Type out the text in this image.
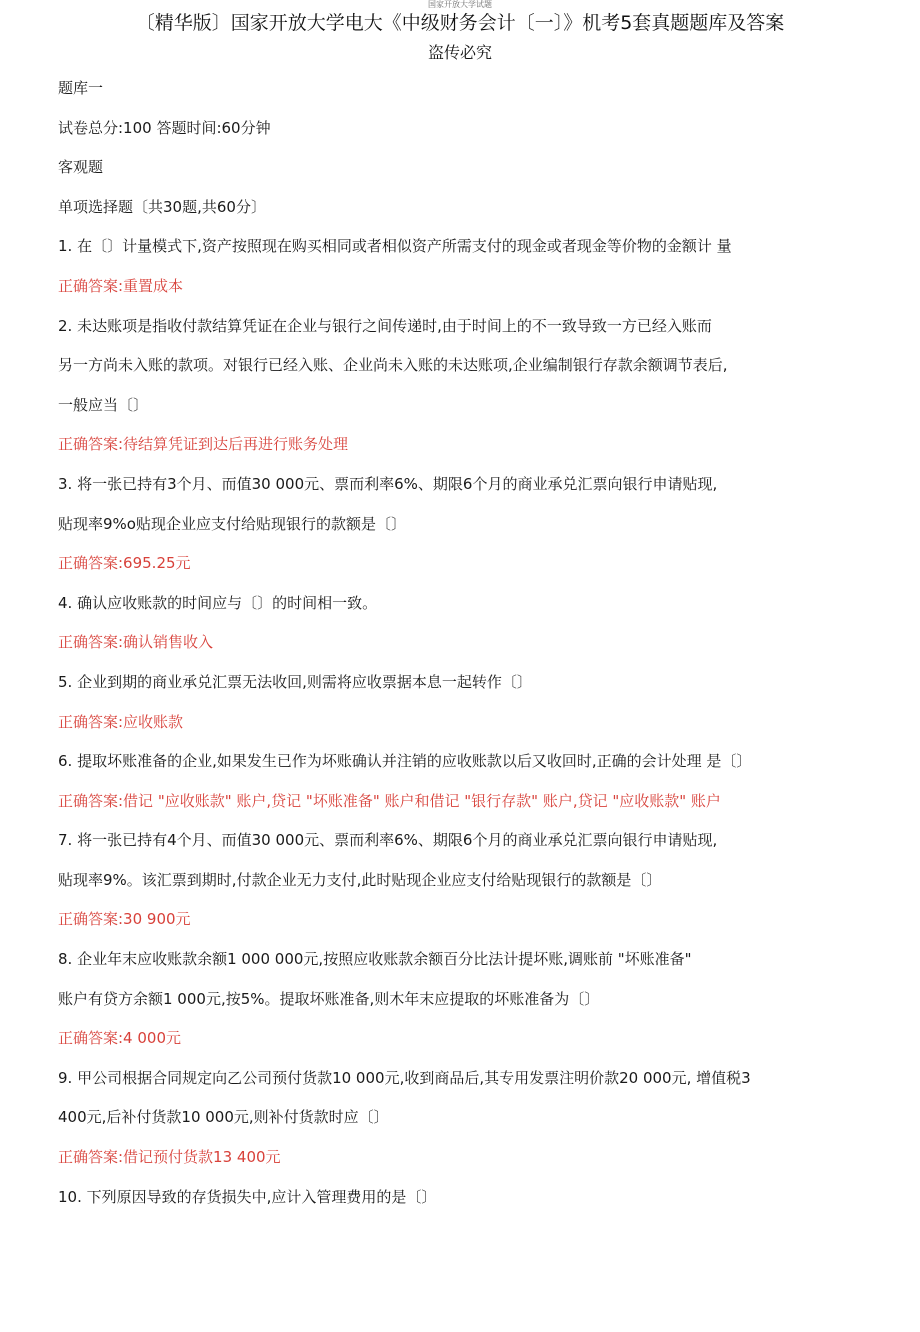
国家开放大学试题
〔精华版〕国家开放大学电大《中级财务会计〔一〕》机考5套真题题库及答案
盗传必究
题库一
试卷总分:100 答题时间:60分钟
客观题
单项选择题〔共30题,共60分〕
1. 在〔〕计量模式下,资产按照现在购买相同或者相似资产所需支付的现金或者现金等价物的金额计 量
正确答案:重置成本
2. 未达账项是指收付款结算凭证在企业与银行之间传递时,由于时间上的不一致导致一方已经入账而
另一方尚未入账的款项。对银行已经入账、企业尚未入账的未达账项,企业编制银行存款余额调节表后,
一般应当〔〕
正确答案:待结算凭证到达后再进行账务处理
3. 将一张已持有3个月、而值30 000元、票而利率6%、期限6个月的商业承兑汇票向银行申请贴现,
贴现率9%o贴现企业应支付给贴现银行的款额是〔〕
正确答案:695.25元
4. 确认应收账款的时间应与〔〕的时间相一致。
正确答案:确认销售收入
5. 企业到期的商业承兑汇票无法收回,则需将应收票据本息一起转作〔〕
正确答案:应收账款
6. 提取坏账准备的企业,如果发生已作为坏账确认并注销的应收账款以后又收回时,正确的会计处理 是〔〕
正确答案:借记 "应收账款" 账户,贷记 "坏账准备" 账户和借记 "银行存款" 账户,贷记 "应收账款" 账户
7. 将一张已持有4个月、而值30 000元、票而利率6%、期限6个月的商业承兑汇票向银行申请贴现,
贴现率9%。该汇票到期时,付款企业无力支付,此时贴现企业应支付给贴现银行的款额是〔〕
正确答案:30 900元
8. 企业年末应收账款余额1 000 000元,按照应收账款余额百分比法计提坏账,调账前 "坏账准备"
账户有贷方余额1 000元,按5%。提取坏账准备,则木年末应提取的坏账准备为〔〕
正确答案:4 000元
9. 甲公司根据合同规定向乙公司预付货款10 000元,收到商品后,其专用发票注明价款20 000元, 增值税3
400元,后补付货款10 000元,则补付货款时应〔〕
正确答案:借记预付货款13 400元
10. 下列原因导致的存货损失中,应计入管理费用的是〔〕
